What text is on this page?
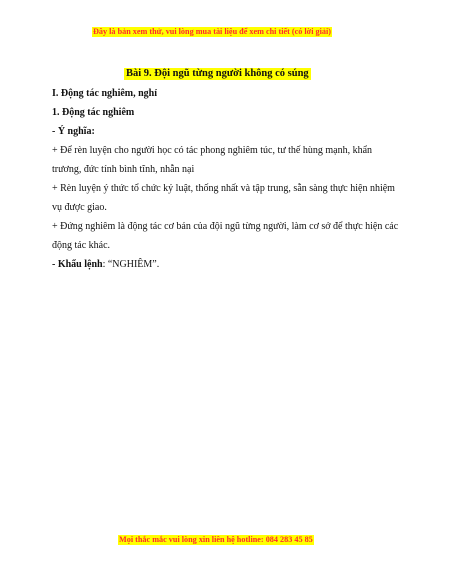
Đây là bản xem thử, vui lòng mua tài liệu để xem chi tiết (có lời giải)
Bài 9. Đội ngũ từng người không có súng

I. Động tác nghiêm, nghỉ

1. Động tác nghiêm

- Ý nghĩa:

+ Để rèn luyện cho người học có tác phong nghiêm túc, tư thế hùng mạnh, khẩn trương, đức tính bình tĩnh, nhẫn nại

+ Rèn luyện ý thức tổ chức kỷ luật, thống nhất và tập trung, sẵn sàng thực hiện nhiệm vụ được giao.

+ Đứng nghiêm là động tác cơ bản của đội ngũ từng người, làm cơ sở để thực hiện các động tác khác.

- Khẩu lệnh: “NGHIÊM”.

Mọi thắc mắc vui lòng xin liên hệ hotline: 084 283 45 85
